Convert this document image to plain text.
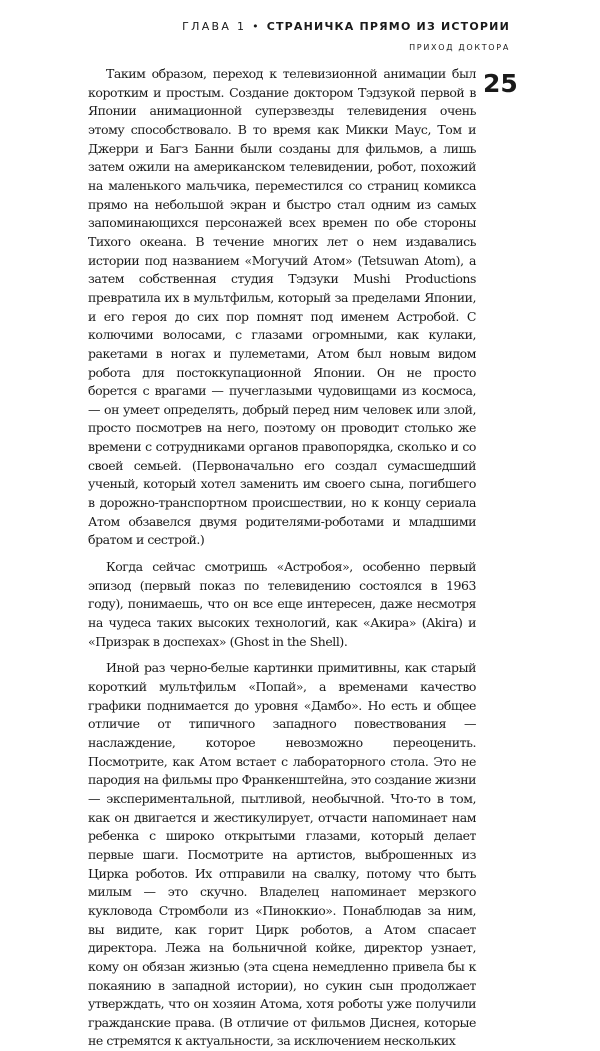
ГЛАВА 1 • СТРАНИЧКА ПРЯМО ИЗ ИСТОРИИ
ПРИХОД ДОКТОРА
25

Таким образом, переход к телевизионной анимации был коротким и простым. Создание доктором Тэдзукой первой в Японии анимационной суперзвезды телевидения очень этому способствовало. В то время как Микки Маус, Том и Джерри и Багз Банни были созданы для фильмов, а лишь затем ожили на американском телевидении, робот, похожий на маленького мальчика, переместился со страниц комикса прямо на небольшой экран и быстро стал одним из самых запоминающихся персонажей всех времен по обе стороны Тихого океана. В течение многих лет о нем издавались истории под названием «Могучий Атом» (Tetsuwan Atom), а затем собственная студия Тэдзуки Mushi Productions превратила их в мультфильм, который за пределами Японии, и его героя до сих пор помнят под именем Астробой. С колючими волосами, с глазами огромными, как кулаки, ракетами в ногах и пулеметами, Атом был новым видом робота для постоккупационной Японии. Он не просто борется с врагами — пучеглазыми чудовищами из космоса, — он умеет определять, добрый перед ним человек или злой, просто посмотрев на него, поэтому он проводит столько же времени с сотрудниками органов правопорядка, сколько и со своей семьей. (Первоначально его создал сумасшедший ученый, который хотел заменить им своего сына, погибшего в дорожно-транспортном происшествии, но к концу сериала Атом обзавелся двумя родителями-роботами и младшими братом и сестрой.)

Когда сейчас смотришь «Астробоя», особенно первый эпизод (первый показ по телевидению состоялся в 1963 году), понимаешь, что он все еще интересен, даже несмотря на чудеса таких высоких технологий, как «Акира» (Akira) и «Призрак в доспехах» (Ghost in the Shell).

Иной раз черно-белые картинки примитивны, как старый короткий мультфильм «Попай», а временами качество графики поднимается до уровня «Дамбо». Но есть и общее отличие от типичного западного повествования — наслаждение, которое невозможно переоценить. Посмотрите, как Атом встает с лабораторного стола. Это не пародия на фильмы про Франкенштейна, это создание жизни — экспериментальной, пытливой, необычной. Что-то в том, как он двигается и жестикулирует, отчасти напоминает нам ребенка с широко открытыми глазами, который делает первые шаги. Посмотрите на артистов, выброшенных из Цирка роботов. Их отправили на свалку, потому что быть милым — это скучно. Владелец напоминает мерзкого кукловода Стромболи из «Пиноккио». Понаблюдав за ним, вы видите, как горит Цирк роботов, а Атом спасает директора. Лежа на больничной койке, директор узнает, кому он обязан жизнью (эта сцена немедленно привела бы к покаянию в западной истории), но сукин сын продолжает утверждать, что он хозяин Атома, хотя роботы уже получили гражданские права. (В отличие от фильмов Диснея, которые не стремятся к актуальности, за исключением нескольких
